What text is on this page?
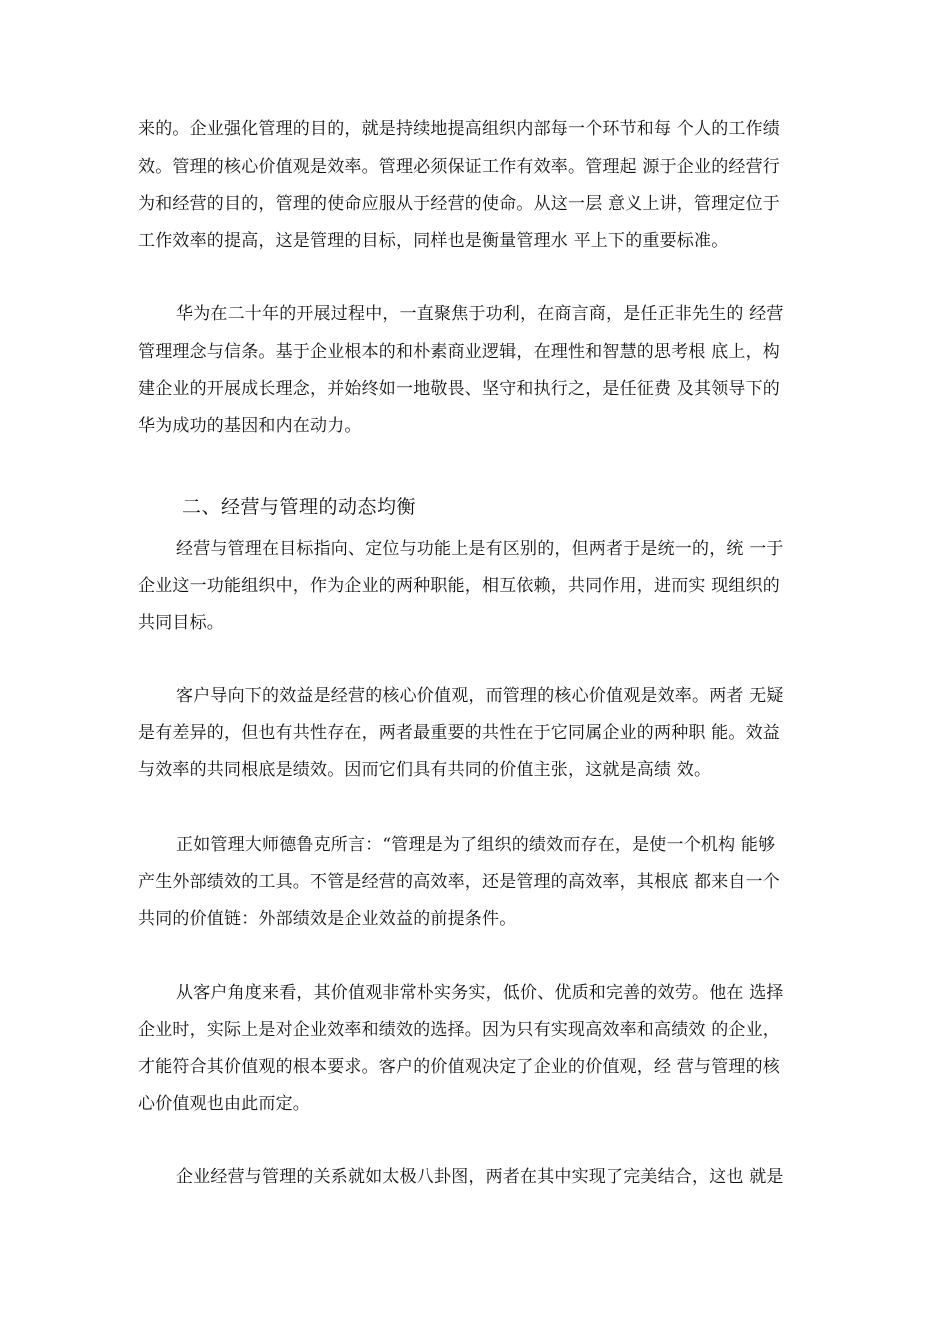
来的。企业强化管理的目的，就是持续地提高组织内部每一个环节和每 个人的工作绩
效。管理的核心价值观是效率。管理必须保证工作有效率。管理起 源于企业的经营行
为和经营的目的，管理的使命应服从于经营的使命。从这一层 意义上讲，管理定位于
工作效率的提高，这是管理的目标，同样也是衡量管理水 平上下的重要标准。
华为在二十年的开展过程中，一直聚焦于功利，在商言商，是任正非先生的 经营
管理理念与信条。基于企业根本的和朴素商业逻辑，在理性和智慧的思考根 底上，构
建企业的开展成长理念，并始终如一地敬畏、坚守和执行之，是任征费 及其领导下的
华为成功的基因和内在动力。
二、经营与管理的动态均衡
经营与管理在目标指向、定位与功能上是有区别的，但两者于是统一的，统 一于
企业这一功能组织中，作为企业的两种职能，相互依赖，共同作用，进而实 现组织的
共同目标。
客户导向下的效益是经营的核心价值观，而管理的核心价值观是效率。两者 无疑
是有差异的，但也有共性存在，两者最重要的共性在于它同属企业的两种职 能。效益
与效率的共同根底是绩效。因而它们具有共同的价值主张，这就是高绩 效。
正如管理大师德鲁克所言：“管理是为了组织的绩效而存在，是使一个机构 能够
产生外部绩效的工具。不管是经营的高效率，还是管理的高效率，其根底 都来自一个
共同的价值链：外部绩效是企业效益的前提条件。
从客户角度来看，其价值观非常朴实务实，低价、优质和完善的效劳。他在 选择
企业时，实际上是对企业效率和绩效的选择。因为只有实现高效率和高绩效 的企业，
才能符合其价值观的根本要求。客户的价值观决定了企业的价值观，经 营与管理的核
心价值观也由此而定。
企业经营与管理的关系就如太极八卦图，两者在其中实现了完美结合，这也 就是
